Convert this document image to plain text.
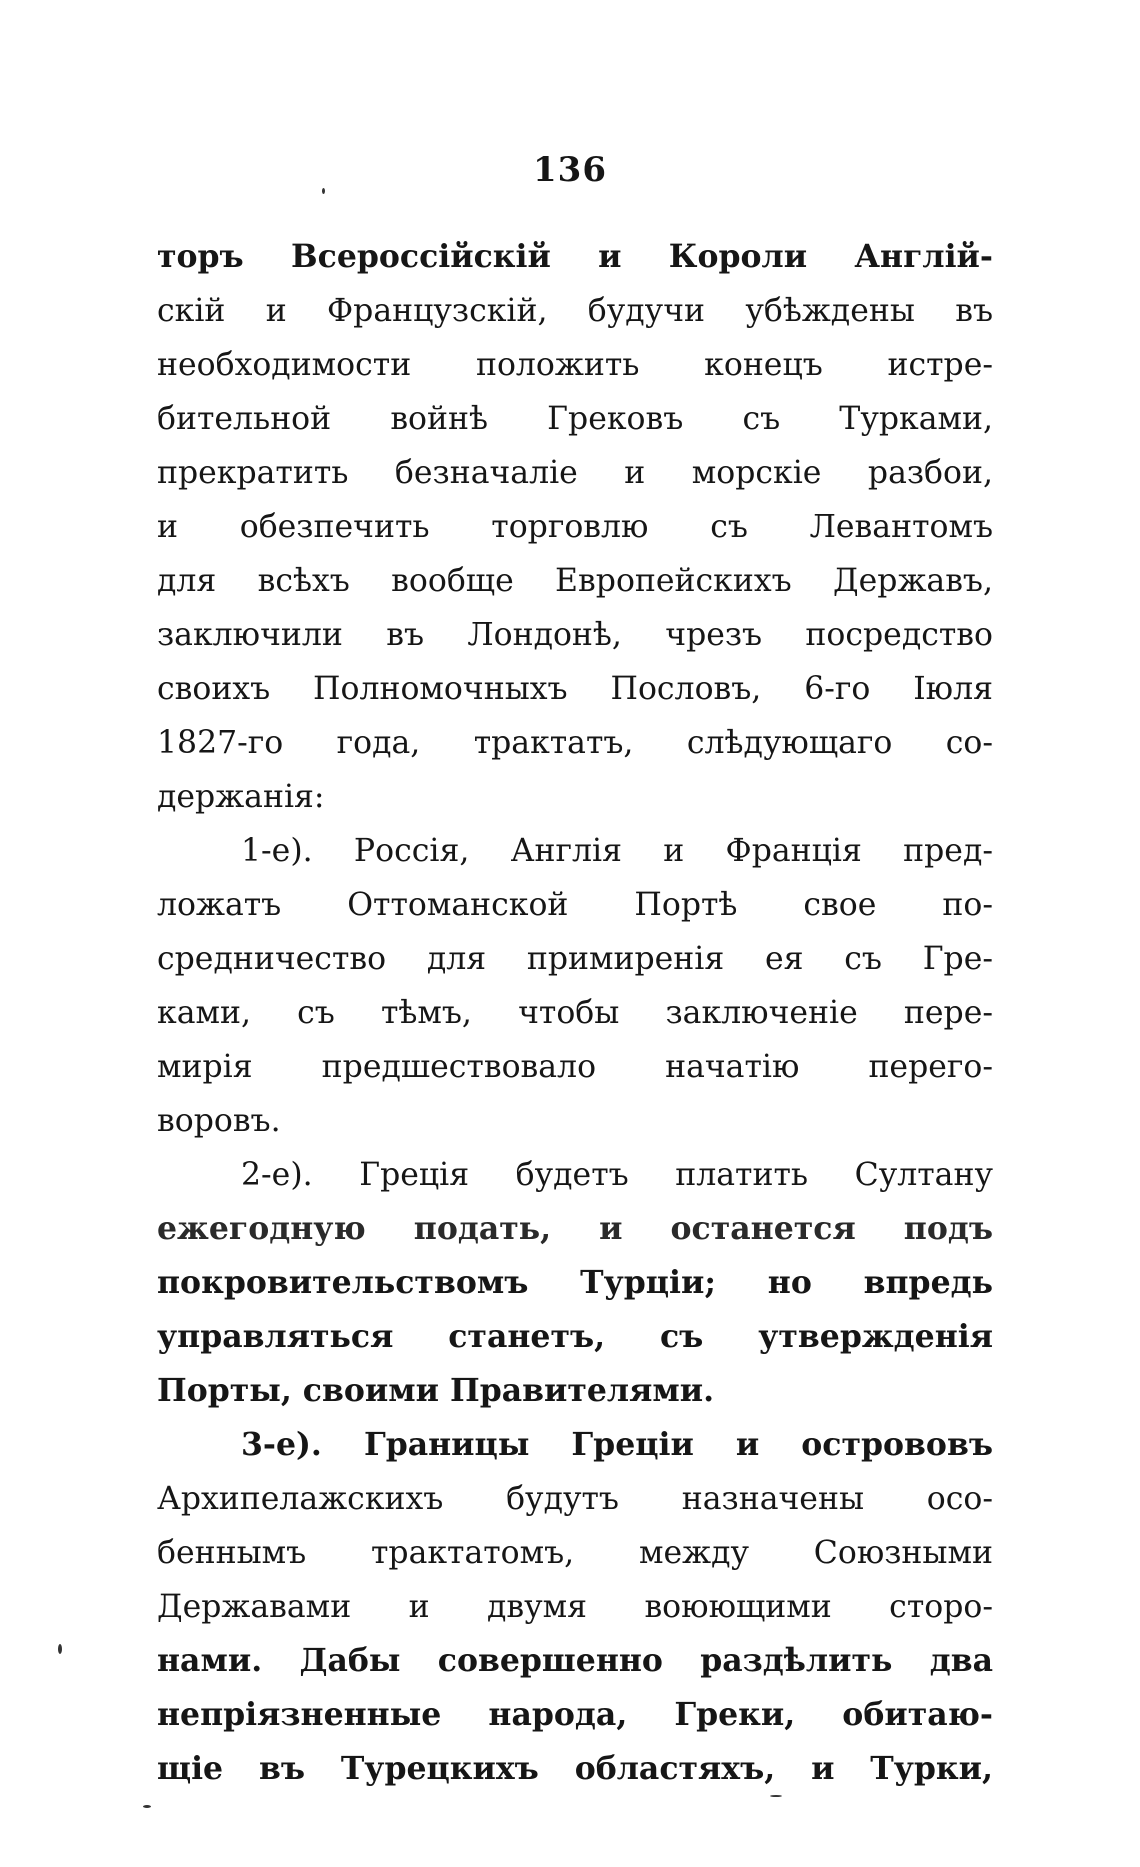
136
торъ Всероссійскій и Короли Англій-
скій и Французскій, будучи убѣждены въ
необходимости положить конецъ истре-
бительной войнѣ Грековъ съ Турками,
прекратить безначаліе и морскіе разбои,
и обезпечить торговлю съ Левантомъ
для всѣхъ вообще Европейскихъ Державъ,
заключили въ Лондонѣ, чрезъ посредство
своихъ Полномочныхъ Пословъ, 6-го Іюля
1827-го года, трактатъ, слѣдующаго со-
держанія:
1-е). Россія, Англія и Франція пред-
ложатъ Оттоманской Портѣ свое по-
средничество для примиренія ея съ Гре-
ками, съ тѣмъ, чтобы заключеніе пере-
мирія предшествовало начатію перего-
воровъ.
2-е). Греція будетъ платить Султану
ежегодную подать, и останется подъ
покровительствомъ Турціи; но впредь
управляться станетъ, съ утвержденія
Порты, своими Правителями.
3-е). Границы Греціи и острововъ
Архипелажскихъ будутъ назначены осо-
беннымъ трактатомъ, между Союзными
Державами и двумя воюющими сторо-
нами. Дабы совершенно раздѣлить два
непріязненные народа, Греки, обитаю-
щіе въ Турецкихъ областяхъ, и Турки,
